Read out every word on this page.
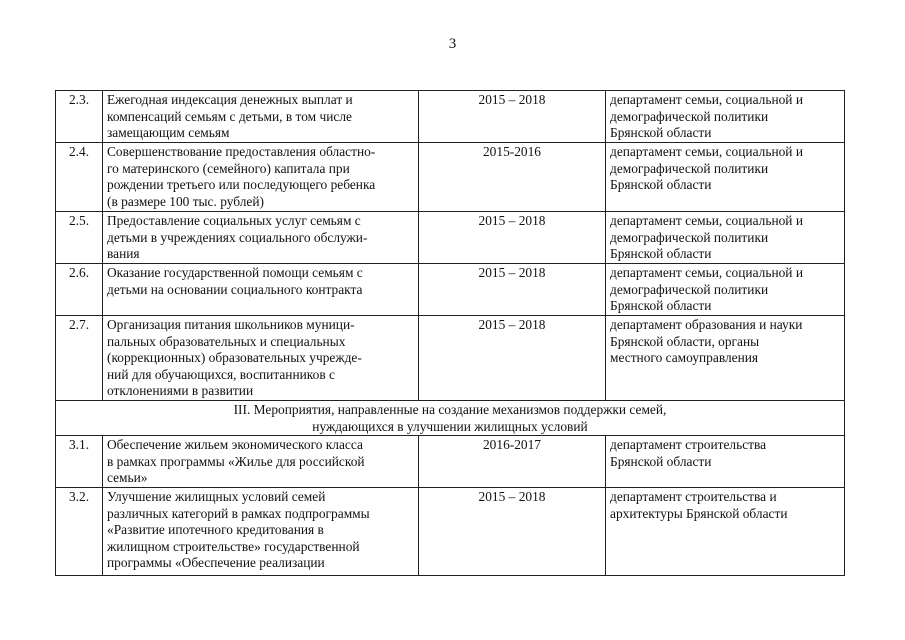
3
2.3.	Ежегодная индексация денежных выплат и
компенсаций семьям с детьми, в том числе
замещающим семьям	2015 – 2018	департамент семьи, социальной и
демографической политики
Брянской области
2.4.	Совершенствование предоставления областно-
го материнского (семейного) капитала при
рождении третьего или последующего ребенка
(в размере 100 тыс. рублей)	2015-2016	департамент семьи, социальной и
демографической политики
Брянской области
2.5.	Предоставление социальных услуг семьям с
детьми в учреждениях социального обслужи-
вания	2015 – 2018	департамент семьи, социальной и
демографической политики
Брянской области
2.6.	Оказание государственной помощи семьям с
детьми на основании социального контракта	2015 – 2018	департамент семьи, социальной и
демографической политики
Брянской области
2.7.	Организация питания школьников муници-
пальных образовательных и специальных
(коррекционных) образовательных учрежде-
ний для обучающихся, воспитанников с
отклонениями в развитии	2015 – 2018	департамент образования и науки
Брянской области, органы
местного самоуправления
III. Мероприятия, направленные на создание механизмов поддержки семей,
нуждающихся в улучшении жилищных условий			
3.1.	Обеспечение жильем экономического класса
в рамках программы «Жилье для российской
семьи»	2016-2017	департамент строительства
Брянской области
3.2.	Улучшение жилищных условий семей
различных категорий в рамках подпрограммы
«Развитие ипотечного кредитования в
жилищном строительстве» государственной
программы «Обеспечение реализации	2015 – 2018	департамент строительства и
архитектуры Брянской области
